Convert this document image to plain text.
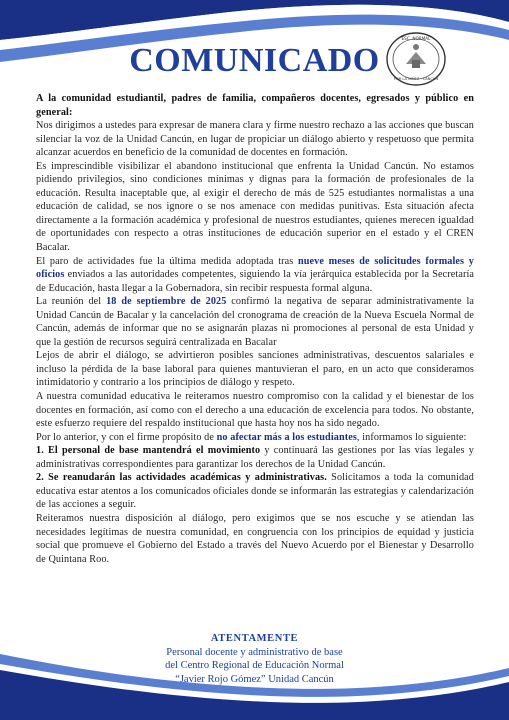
COMUNICADO
ESC. NORMAL
POR LA NIÑEZ · CANCÚN

A la comunidad estudiantil, padres de familia, compañeros docentes, egresados y público en general:

Nos dirigimos a ustedes para expresar de manera clara y firme nuestro rechazo a las acciones que buscan silenciar la voz de la Unidad Cancún, en lugar de propiciar un diálogo abierto y respetuoso que permita alcanzar acuerdos en beneficio de la comunidad de docentes en formación.

Es imprescindible visibilizar el abandono institucional que enfrenta la Unidad Cancún. No estamos pidiendo privilegios, sino condiciones mínimas y dignas para la formación de profesionales de la educación. Resulta inaceptable que, al exigir el derecho de más de 525 estudiantes normalistas a una educación de calidad, se nos ignore o se nos amenace con medidas punitivas. Esta situación afecta directamente a la formación académica y profesional de nuestros estudiantes, quienes merecen igualdad de oportunidades con respecto a otras instituciones de educación superior en el estado y el CREN Bacalar.

El paro de actividades fue la última medida adoptada tras nueve meses de solicitudes formales y oficios enviados a las autoridades competentes, siguiendo la vía jerárquica establecida por la Secretaría de Educación, hasta llegar a la Gobernadora, sin recibir respuesta formal alguna.

La reunión del 18 de septiembre de 2025 confirmó la negativa de separar administrativamente la Unidad Cancún de Bacalar y la cancelación del cronograma de creación de la Nueva Escuela Normal de Cancún, además de informar que no se asignarán plazas ni promociones al personal de esta Unidad y que la gestión de recursos seguirá centralizada en Bacalar

Lejos de abrir el diálogo, se advirtieron posibles sanciones administrativas, descuentos salariales e incluso la pérdida de la base laboral para quienes mantuvieran el paro, en un acto que consideramos intimidatorio y contrario a los principios de diálogo y respeto.

A nuestra comunidad educativa le reiteramos nuestro compromiso con la calidad y el bienestar de los docentes en formación, así como con el derecho a una educación de excelencia para todos. No obstante, este esfuerzo requiere del respaldo institucional que hasta hoy nos ha sido negado.

Por lo anterior, y con el firme propósito de no afectar más a los estudiantes, informamos lo siguiente:

1. El personal de base mantendrá el movimiento y continuará las gestiones por las vías legales y administrativas correspondientes para garantizar los derechos de la Unidad Cancún.

2. Se reanudarán las actividades académicas y administrativas. Solicitamos a toda la comunidad educativa estar atentos a los comunicados oficiales donde se informarán las estrategias y calendarización de las acciones a seguir.

Reiteramos nuestra disposición al diálogo, pero exigimos que se nos escuche y se atiendan las necesidades legítimas de nuestra comunidad, en congruencia con los principios de equidad y justicia social que promueve el Gobierno del Estado a través del Nuevo Acuerdo por el Bienestar y Desarrollo de Quintana Roo.

ATENTAMENTE
Personal docente y administrativo de base
del Centro Regional de Educación Normal
“Javier Rojo Gómez” Unidad Cancún
